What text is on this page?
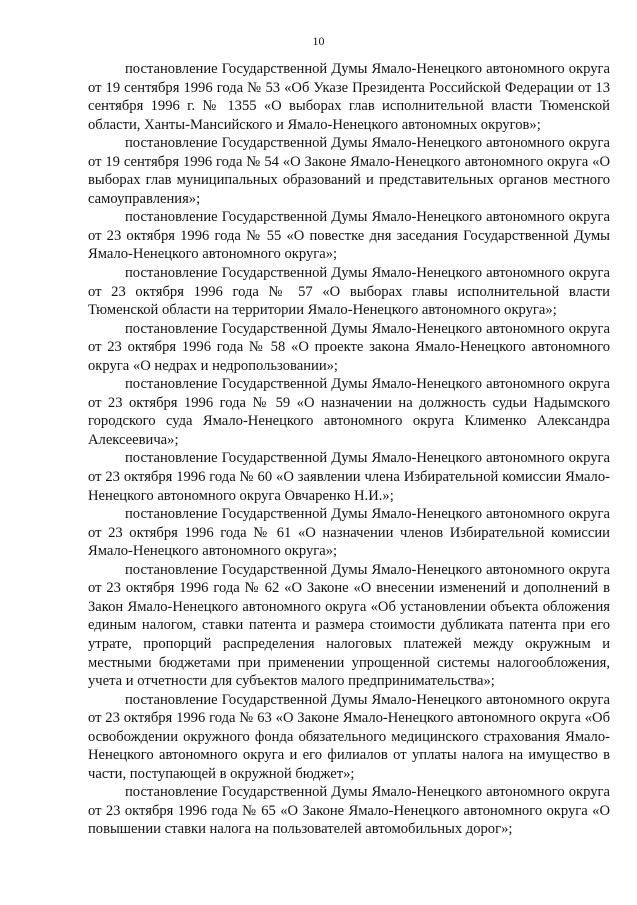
10

постановление Государственной Думы Ямало-Ненецкого автономного округа от 19 сентября 1996 года № 53 «Об Указе Президента Российской Федерации от 13 сентября 1996 г. № 1355 «О выборах глав исполнительной власти Тюменской области, Ханты-Мансийского и Ямало-Ненецкого автономных округов»;

постановление Государственной Думы Ямало-Ненецкого автономного округа от 19 сентября 1996 года № 54 «О Законе Ямало-Ненецкого автономного округа «О выборах глав муниципальных образований и представительных органов местного самоуправления»;

постановление Государственной Думы Ямало-Ненецкого автономного округа от 23 октября 1996 года № 55 «О повестке дня заседания Государственной Думы Ямало-Ненецкого автономного округа»;

постановление Государственной Думы Ямало-Ненецкого автономного округа от 23 октября 1996 года № 57 «О выборах главы исполнительной власти Тюменской области на территории Ямало-Ненецкого автономного округа»;

постановление Государственной Думы Ямало-Ненецкого автономного округа от 23 октября 1996 года № 58 «О проекте закона Ямало-Ненецкого автономного округа «О недрах и недропользовании»;

постановление Государственной Думы Ямало-Ненецкого автономного округа от 23 октября 1996 года № 59 «О назначении на должность судьи Надымского городского суда Ямало-Ненецкого автономного округа Клименко Александра Алексеевича»;

постановление Государственной Думы Ямало-Ненецкого автономного округа от 23 октября 1996 года № 60 «О заявлении члена Избирательной комиссии Ямало-Ненецкого автономного округа Овчаренко Н.И.»;

постановление Государственной Думы Ямало-Ненецкого автономного округа от 23 октября 1996 года № 61 «О назначении членов Избирательной комиссии Ямало-Ненецкого автономного округа»;

постановление Государственной Думы Ямало-Ненецкого автономного округа от 23 октября 1996 года № 62 «О Законе «О внесении изменений и дополнений в Закон Ямало-Ненецкого автономного округа «Об установлении объекта обложения единым налогом, ставки патента и размера стоимости дубликата патента при его утрате, пропорций распределения налоговых платежей между окружным и местными бюджетами при применении упрощенной системы налогообложения, учета и отчетности для субъектов малого предпринимательства»;

постановление Государственной Думы Ямало-Ненецкого автономного округа от 23 октября 1996 года № 63 «О Законе Ямало-Ненецкого автономного округа «Об освобождении окружного фонда обязательного медицинского страхования Ямало-Ненецкого автономного округа и его филиалов от уплаты налога на имущество в части, поступающей в окружной бюджет»;

постановление Государственной Думы Ямало-Ненецкого автономного округа от 23 октября 1996 года № 65 «О Законе Ямало-Ненецкого автономного округа «О повышении ставки налога на пользователей автомобильных дорог»;
